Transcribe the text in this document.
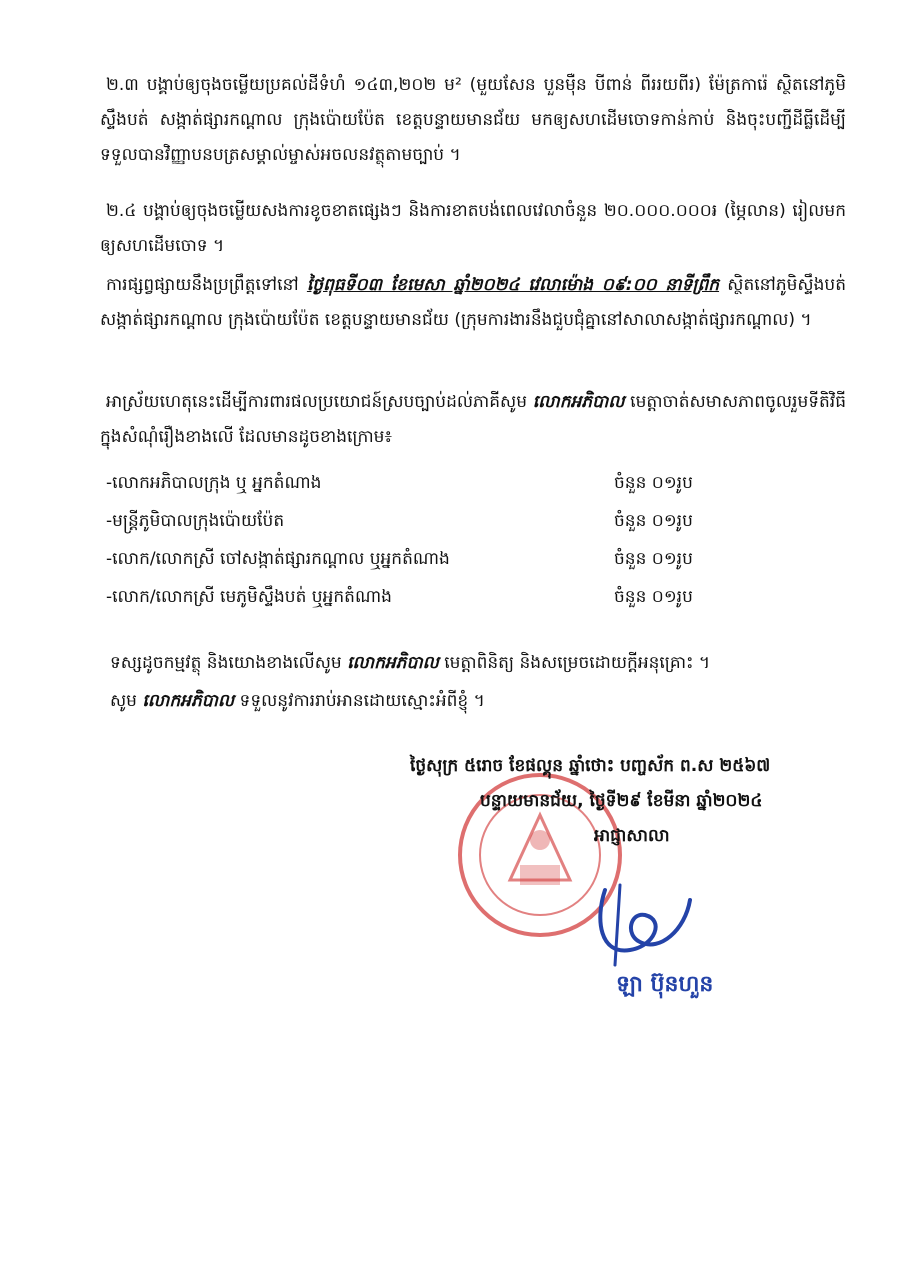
២.៣ បង្គាប់ឲ្យចុងចម្លើយប្រគល់ដីទំហំ ១៤៣,២០២ ម² (មួយសែន បួនម៉ឺន បីពាន់ ពីររយពីរ) ម៉ែត្រការ៉េ ស្ថិតនៅភូមិស្ទឹងបត់ សង្កាត់ផ្សារកណ្ដាល ក្រុងប៉ោយប៉ែត ខេត្តបន្ទាយមានជ័យ មកឲ្យសហដើមចោទកាន់កាប់ និងចុះបញ្ជីដីធ្លីដើម្បីទទួលបានវិញ្ញាបនបត្រសម្គាល់ម្ចាស់អចលនវត្ថុតាមច្បាប់ ។

២.៤ បង្គាប់ឲ្យចុងចម្លើយសងការខូចខាតផ្សេងៗ និងការខាតបង់ពេលវេលាចំនួន ២០.០០០.០០០៛ (ម្ភៃលាន) រៀលមកឲ្យសហដើមចោទ ។

ការផ្សព្វផ្សាយនឹងប្រព្រឹត្តទៅនៅ ថ្ងៃពុធទី០៣ ខែមេសា ឆ្នាំ២០២៤ វេលាម៉ោង ០៩:០០ នាទីព្រឹក ស្ថិតនៅភូមិស្ទឹងបត់ សង្កាត់ផ្សារកណ្ដាល ក្រុងប៉ោយប៉ែត ខេត្តបន្ទាយមានជ័យ (ក្រុមការងារនឹងជួបជុំគ្នានៅសាលាសង្កាត់ផ្សារកណ្ដាល) ។

អាស្រ័យហេតុនេះដើម្បីការពារផលប្រយោជន៍ស្របច្បាប់ដល់ភាគីសូម លោកអភិបាល មេត្តាចាត់សមាសភាពចូលរួមទីតិវិធីក្នុងសំណុំរឿងខាងលើ ដែលមានដូចខាងក្រោម៖

-លោកអភិបាលក្រុង ឬ អ្នកតំណាង	ចំនួន ០១រូប
-មន្ត្រីភូមិបាលក្រុងប៉ោយប៉ែត	ចំនួន ០១រូប
-លោក/លោកស្រី ចៅសង្កាត់ផ្សារកណ្ដាល ឬអ្នកតំណាង	ចំនួន ០១រូប
-លោក/លោកស្រី មេភូមិស្ទឹងបត់ ឬអ្នកតំណាង	ចំនួន ០១រូប
ទស្សដូចកម្មវត្ថុ និងយោងខាងលើសូម លោកអភិបាល មេត្តាពិនិត្យ និងសម្រេចដោយក្ដីអនុគ្រោះ ។
សូម លោកអភិបាល ទទួលនូវការរាប់អានដោយស្មោះអំពីខ្ញុំ ។
ថ្ងៃសុក្រ ៥រោច ខែផល្គុន ឆ្នាំថោះ បញ្ចស័ក ព.ស ២៥៦៧
បន្ទាយមានជ័យ, ថ្ងៃទី២៩ ខែមីនា ឆ្នាំ២០២៤
អាជ្ញាសាលា
ឡា ប៊ុនហួន
